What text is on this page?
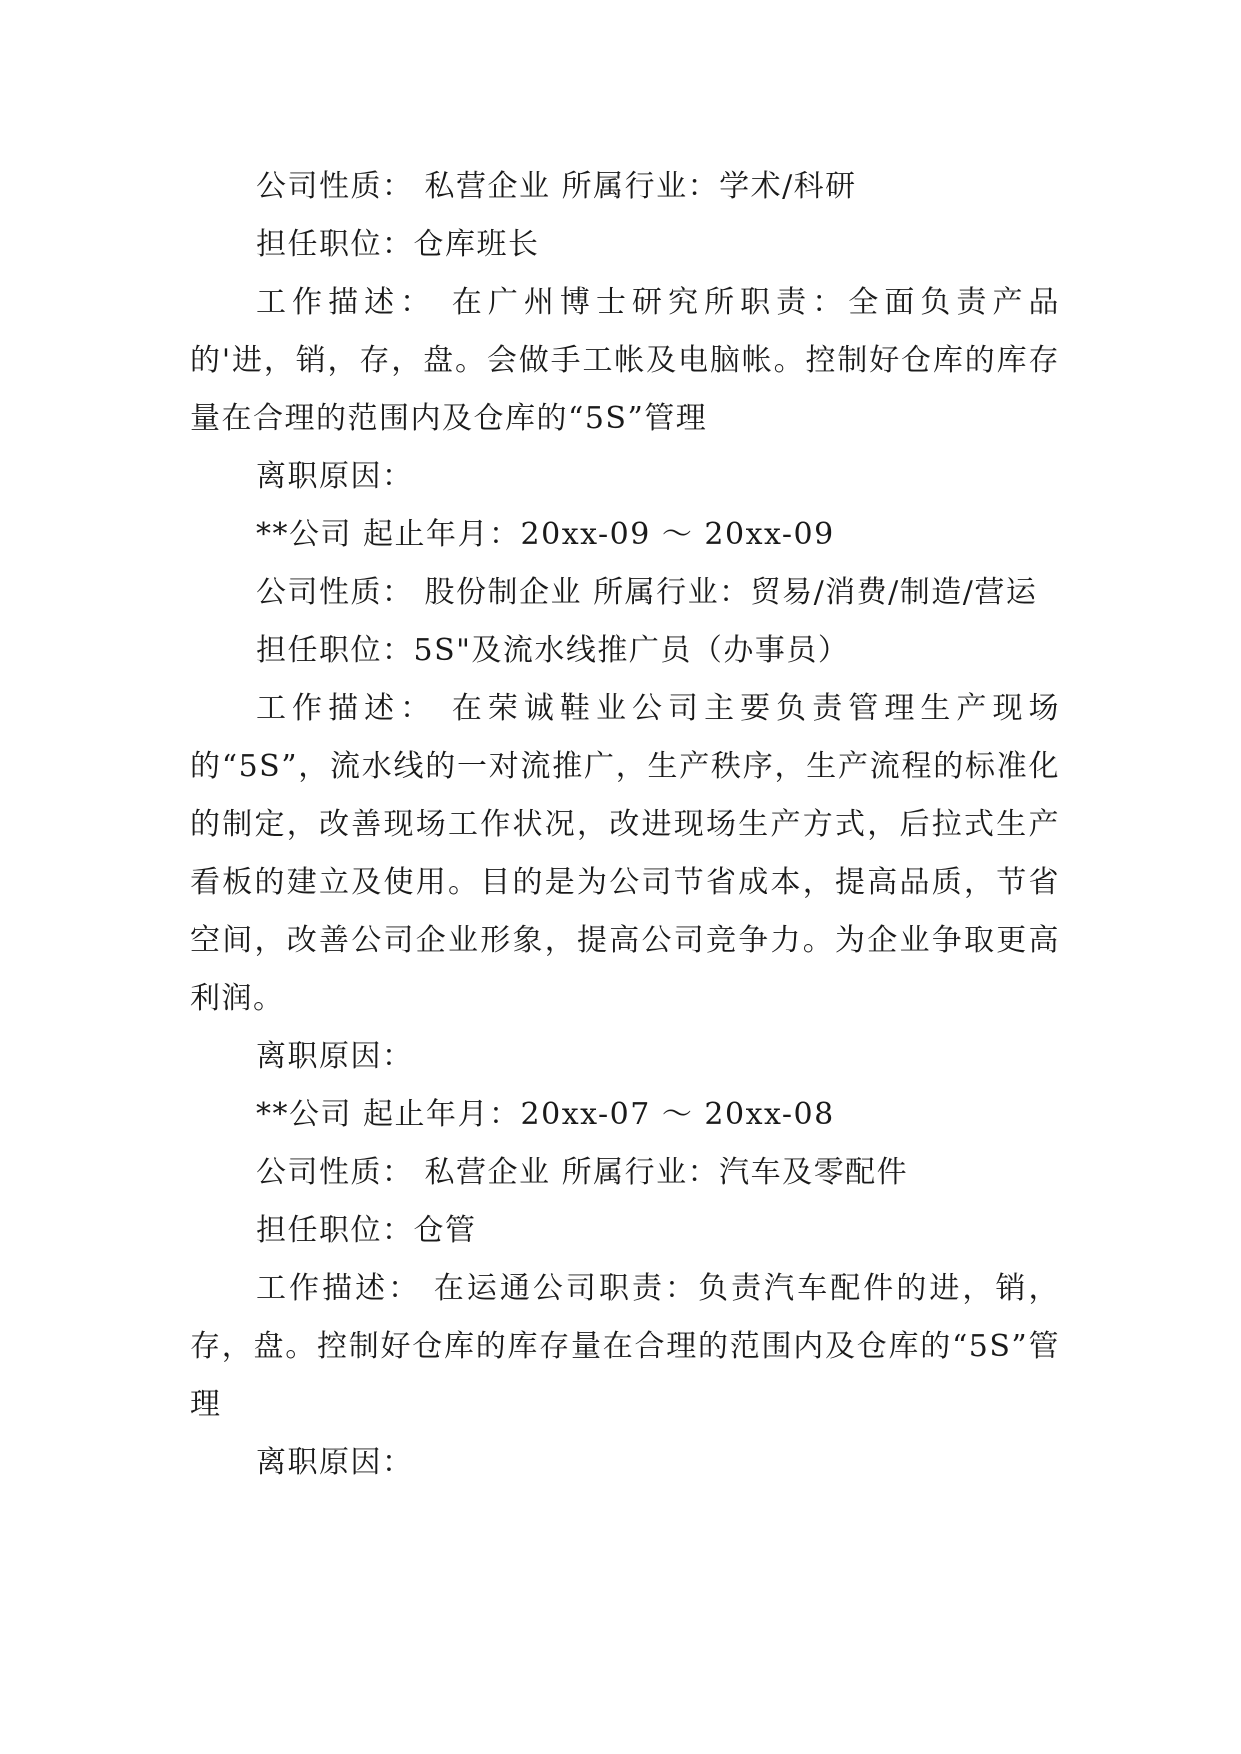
公司性质： 私营企业 所属行业：学术/科研

担任职位：仓库班长

工作描述： 在广州博士研究所职责：全面负责产品的'进，销，存，盘。会做手工帐及电脑帐。控制好仓库的库存量在合理的范围内及仓库的“5S”管理

离职原因：

**公司 起止年月：20xx-09 ～ 20xx-09

公司性质： 股份制企业 所属行业：贸易/消费/制造/营运

担任职位：5S"及流水线推广员（办事员）

工作描述： 在荣诚鞋业公司主要负责管理生产现场的“5S”，流水线的一对流推广，生产秩序，生产流程的标准化的制定，改善现场工作状况，改进现场生产方式，后拉式生产看板的建立及使用。目的是为公司节省成本，提高品质，节省空间，改善公司企业形象，提高公司竞争力。为企业争取更高利润。

离职原因：

**公司 起止年月：20xx-07 ～ 20xx-08

公司性质： 私营企业 所属行业：汽车及零配件

担任职位：仓管

工作描述： 在运通公司职责：负责汽车配件的进，销，存，盘。控制好仓库的库存量在合理的范围内及仓库的“5S”管理

离职原因：
